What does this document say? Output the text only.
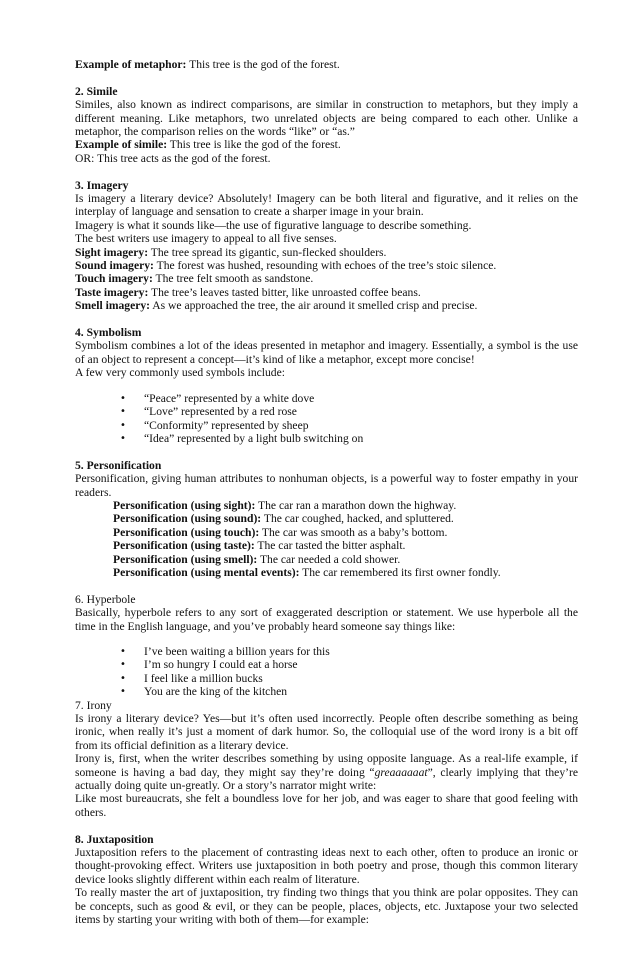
Example of metaphor: This tree is the god of the forest.

2. Simile

Similes, also known as indirect comparisons, are similar in construction to metaphors, but they imply a different meaning. Like metaphors, two unrelated objects are being compared to each other. Unlike a metaphor, the comparison relies on the words “like” or “as.”

Example of simile: This tree is like the god of the forest.

OR: This tree acts as the god of the forest.

3. Imagery

Is imagery a literary device? Absolutely! Imagery can be both literal and figurative, and it relies on the interplay of language and sensation to create a sharper image in your brain.

Imagery is what it sounds like—the use of figurative language to describe something.

The best writers use imagery to appeal to all five senses.

Sight imagery: The tree spread its gigantic, sun-flecked shoulders.

Sound imagery: The forest was hushed, resounding with echoes of the tree’s stoic silence.

Touch imagery: The tree felt smooth as sandstone.

Taste imagery: The tree’s leaves tasted bitter, like unroasted coffee beans.

Smell imagery: As we approached the tree, the air around it smelled crisp and precise.

4. Symbolism

Symbolism combines a lot of the ideas presented in metaphor and imagery. Essentially, a symbol is the use of an object to represent a concept—it’s kind of like a metaphor, except more concise!

A few very commonly used symbols include:

• “Peace” represented by a white dove
• “Love” represented by a red rose
• “Conformity” represented by sheep
• “Idea” represented by a light bulb switching on

5. Personification

Personification, giving human attributes to nonhuman objects, is a powerful way to foster empathy in your readers.

Personification (using sight): The car ran a marathon down the highway.

Personification (using sound): The car coughed, hacked, and spluttered.

Personification (using touch): The car was smooth as a baby’s bottom.

Personification (using taste): The car tasted the bitter asphalt.

Personification (using smell): The car needed a cold shower.

Personification (using mental events): The car remembered its first owner fondly.

6. Hyperbole

Basically, hyperbole refers to any sort of exaggerated description or statement. We use hyperbole all the time in the English language, and you’ve probably heard someone say things like:

• I’ve been waiting a billion years for this
• I’m so hungry I could eat a horse
• I feel like a million bucks
• You are the king of the kitchen

7. Irony

Is irony a literary device? Yes—but it’s often used incorrectly. People often describe something as being ironic, when really it’s just a moment of dark humor. So, the colloquial use of the word irony is a bit off from its official definition as a literary device.

Irony is, first, when the writer describes something by using opposite language. As a real-life example, if someone is having a bad day, they might say they’re doing “greaaaaaat”, clearly implying that they’re actually doing quite un-greatly. Or a story’s narrator might write:

Like most bureaucrats, she felt a boundless love for her job, and was eager to share that good feeling with others.

8. Juxtaposition

Juxtaposition refers to the placement of contrasting ideas next to each other, often to produce an ironic or thought-provoking effect. Writers use juxtaposition in both poetry and prose, though this common literary device looks slightly different within each realm of literature.

To really master the art of juxtaposition, try finding two things that you think are polar opposites. They can be concepts, such as good & evil, or they can be people, places, objects, etc. Juxtapose your two selected items by starting your writing with both of them—for example:
